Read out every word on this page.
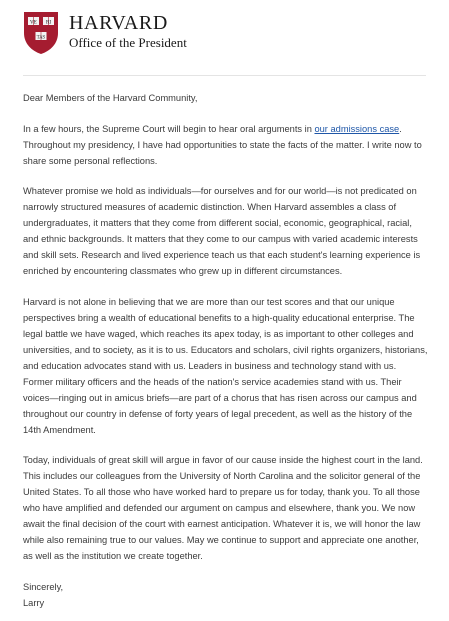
VE RI
TAS
HARVARD
Office of the President

Dear Members of the Harvard Community,

In a few hours, the Supreme Court will begin to hear oral arguments in our admissions case. Throughout my presidency, I have had opportunities to state the facts of the matter. I write now to share some personal reflections.

Whatever promise we hold as individuals—for ourselves and for our world—is not predicated on narrowly structured measures of academic distinction. When Harvard assembles a class of undergraduates, it matters that they come from different social, economic, geographical, racial, and ethnic backgrounds. It matters that they come to our campus with varied academic interests and skill sets. Research and lived experience teach us that each student's learning experience is enriched by encountering classmates who grew up in different circumstances.

Harvard is not alone in believing that we are more than our test scores and that our unique perspectives bring a wealth of educational benefits to a high-quality educational enterprise. The legal battle we have waged, which reaches its apex today, is as important to other colleges and universities, and to society, as it is to us. Educators and scholars, civil rights organizers, historians, and education advocates stand with us. Leaders in business and technology stand with us. Former military officers and the heads of the nation's service academies stand with us. Their voices—ringing out in amicus briefs—are part of a chorus that has risen across our campus and throughout our country in defense of forty years of legal precedent, as well as the history of the 14th Amendment.

Today, individuals of great skill will argue in favor of our cause inside the highest court in the land. This includes our colleagues from the University of North Carolina and the solicitor general of the United States. To all those who have worked hard to prepare us for today, thank you. To all those who have amplified and defended our argument on campus and elsewhere, thank you. We now await the final decision of the court with earnest anticipation. Whatever it is, we will honor the law while also remaining true to our values. May we continue to support and appreciate one another, as well as the institution we create together.

Sincerely,
Larry
